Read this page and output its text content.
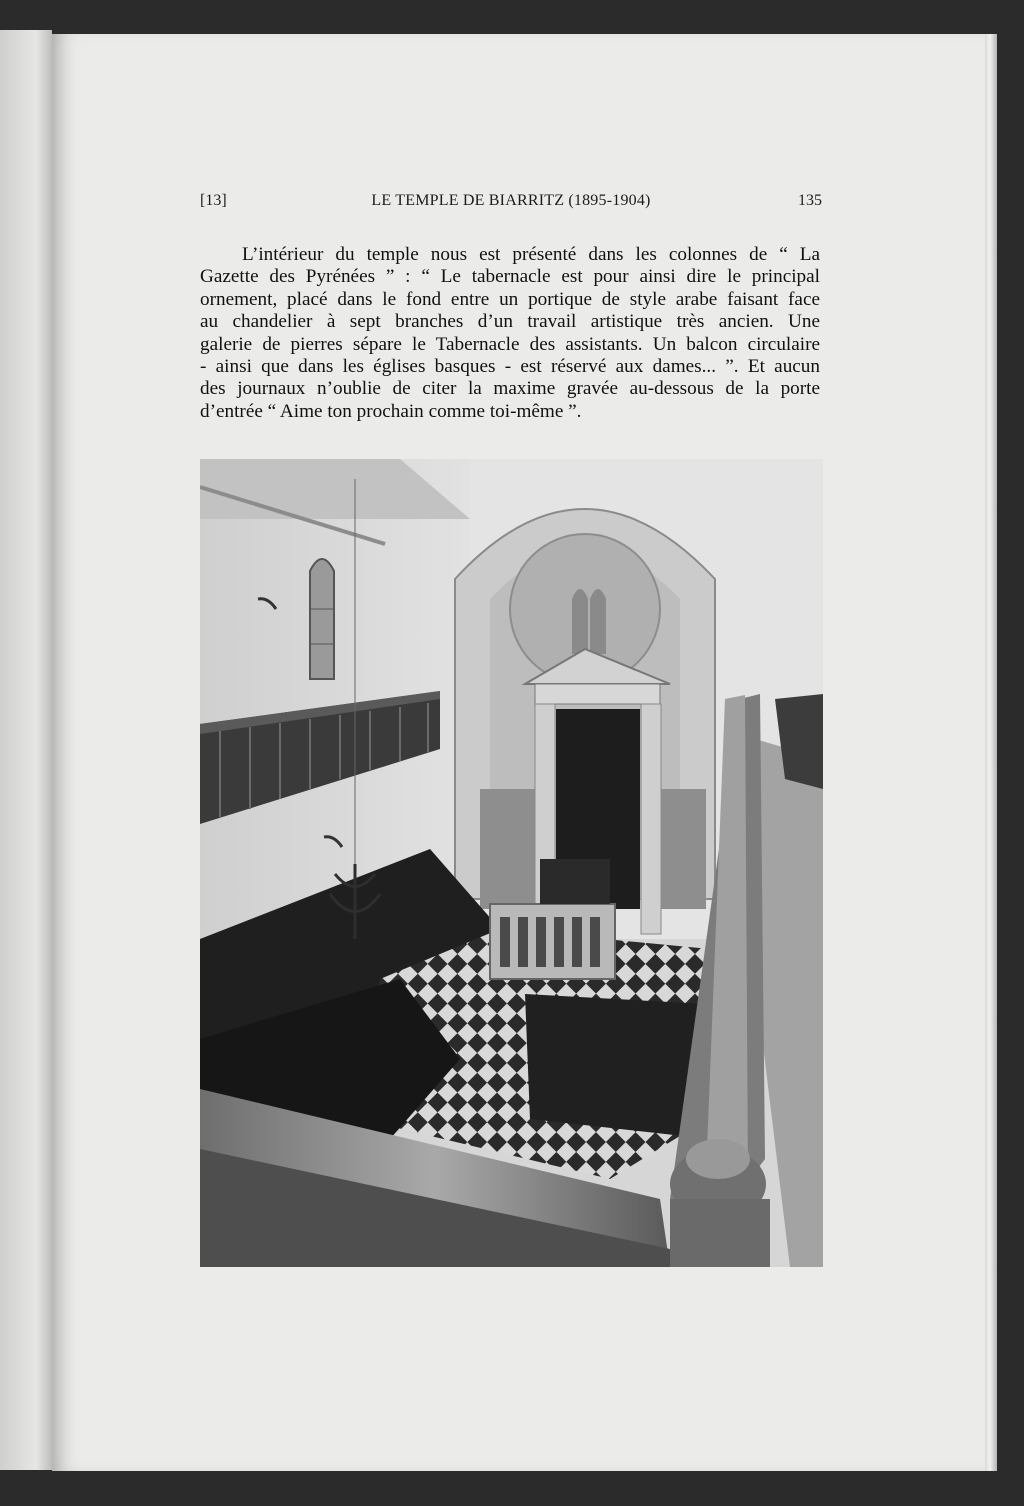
[13]	LE TEMPLE DE BIARRITZ (1895-1904)	135

L’intérieur du temple nous est présenté dans les colonnes de “ La
Gazette des Pyrénées ” : “ Le tabernacle est pour ainsi dire le principal
ornement, placé dans le fond entre un portique de style arabe faisant face
au chandelier à sept branches d’un travail artistique très ancien. Une
galerie de pierres sépare le Tabernacle des assistants. Un balcon circulaire
- ainsi que dans les églises basques - est réservé aux dames... ”. Et aucun
des journaux n’oublie de citer la maxime gravée au-dessous de la porte
d’entrée “ Aime ton prochain comme toi-même ”.
